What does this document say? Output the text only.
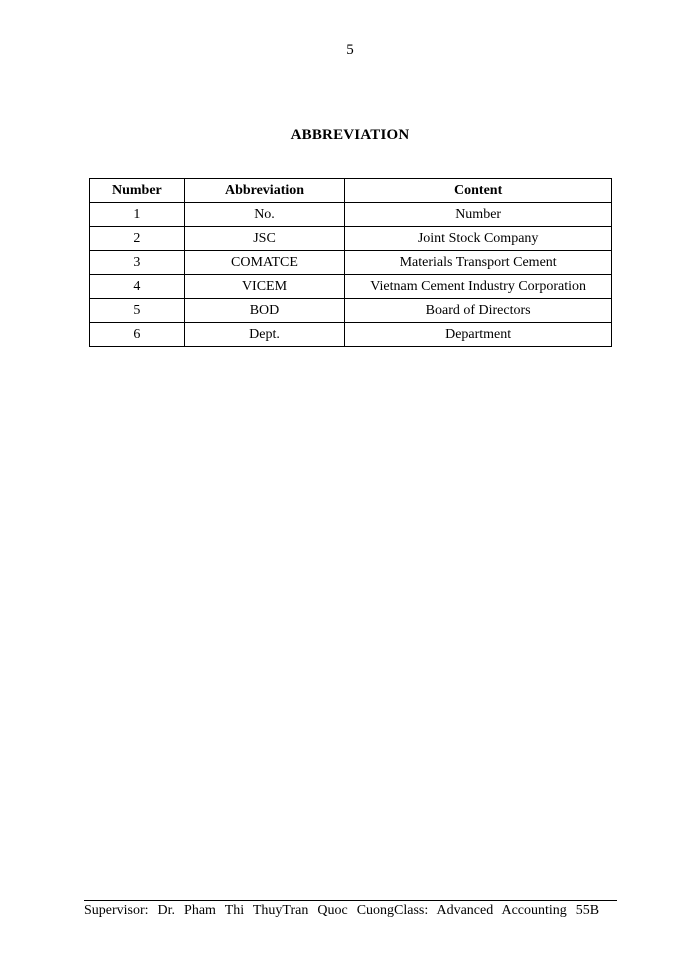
5
ABBREVIATION
Number	Abbreviation	Content
1	No.	Number
2	JSC	Joint Stock Company
3	COMATCE	Materials Transport Cement
4	VICEM	Vietnam Cement Industry Corporation
5	BOD	Board of Directors
6	Dept.	Department
Supervisor:  Dr.  Pham  Thi  ThuyTran  Quoc  CuongClass:  Advanced  Accounting  55B
